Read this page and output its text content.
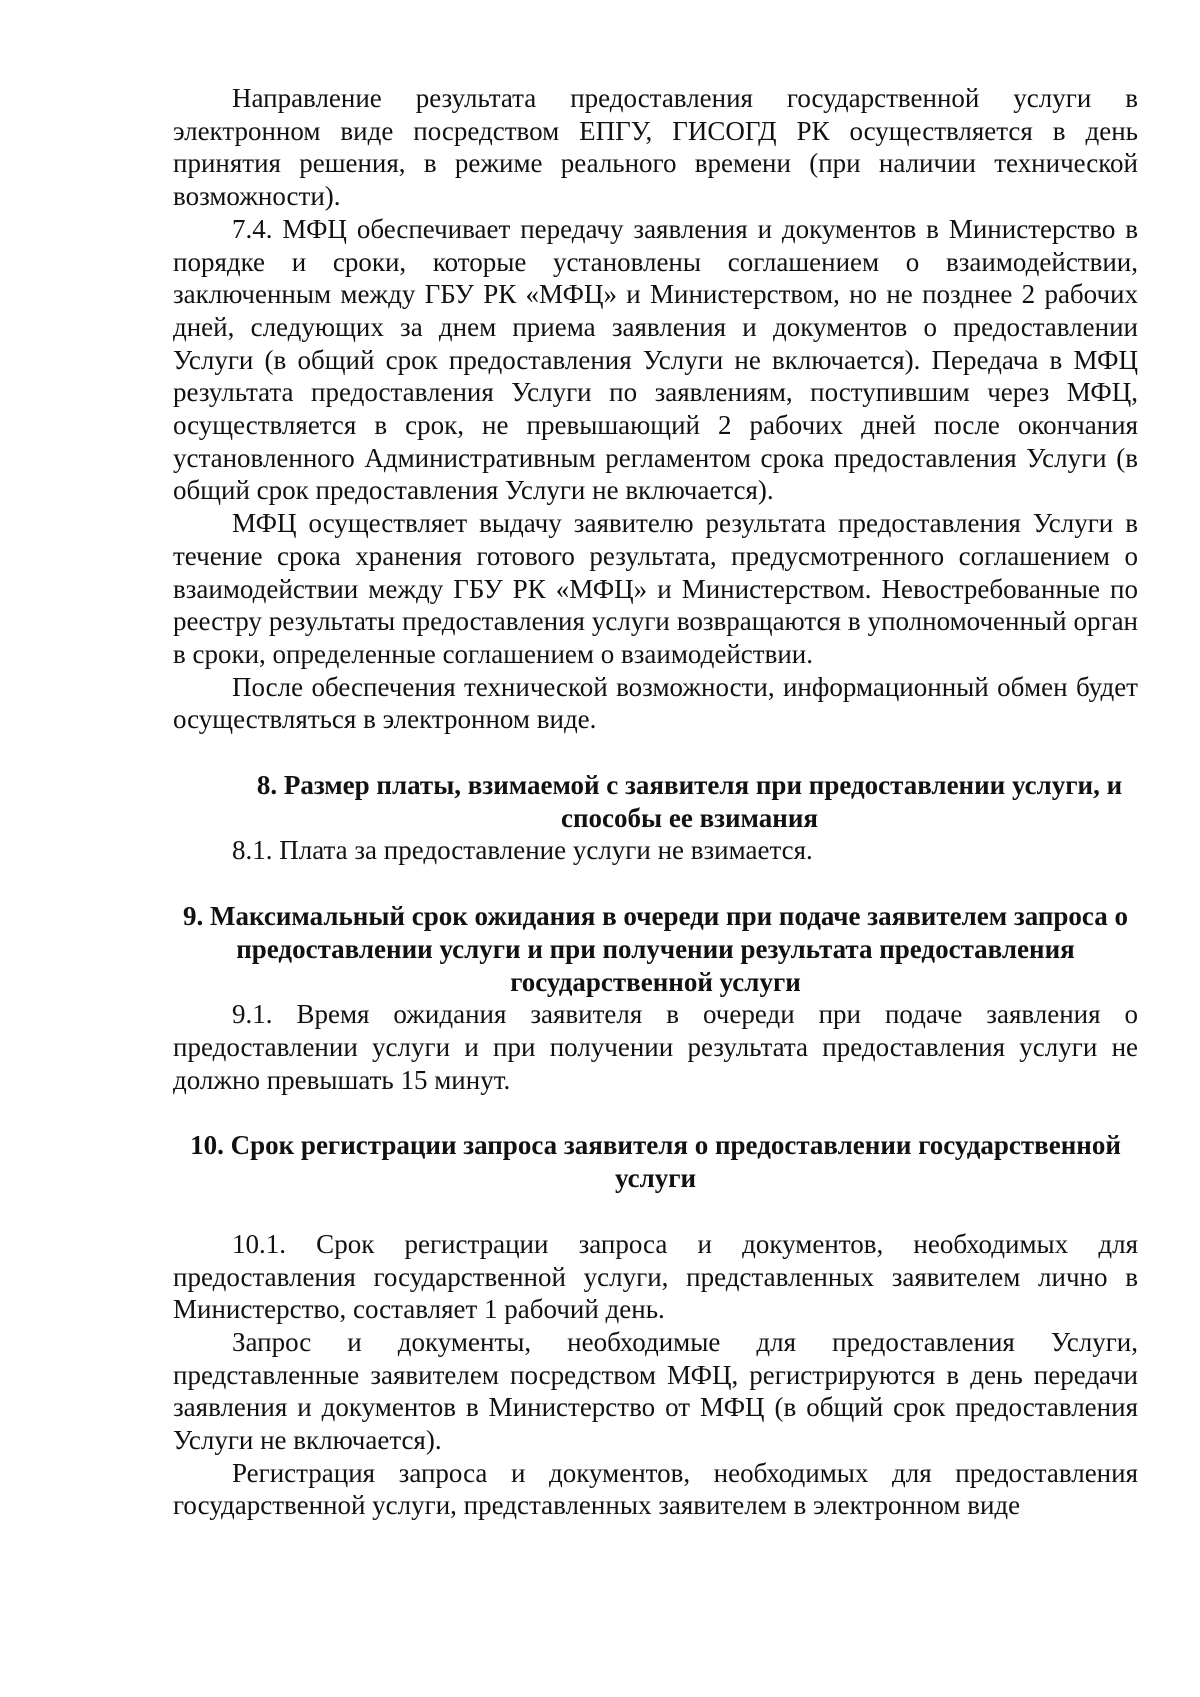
Направление результата предоставления государственной услуги в электронном виде посредством ЕПГУ, ГИСОГД РК осуществляется в день принятия решения, в режиме реального времени (при наличии технической возможности).

7.4. МФЦ обеспечивает передачу заявления и документов в Министерство в порядке и сроки, которые установлены соглашением о взаимодействии, заключенным между ГБУ РК «МФЦ» и Министерством, но не позднее 2 рабочих дней, следующих за днем приема заявления и документов о предоставлении Услуги (в общий срок предоставления Услуги не включается). Передача в МФЦ результата предоставления Услуги по заявлениям, поступившим через МФЦ, осуществляется в срок, не превышающий 2 рабочих дней после окончания установленного Административным регламентом срока предоставления Услуги (в общий срок предоставления Услуги не включается).

МФЦ осуществляет выдачу заявителю результата предоставления Услуги в течение срока хранения готового результата, предусмотренного соглашением о взаимодействии между ГБУ РК «МФЦ» и Министерством. Невостребованные по реестру результаты предоставления услуги возвращаются в уполномоченный орган в сроки, определенные соглашением о взаимодействии.

После обеспечения технической возможности, информационный обмен будет осуществляться в электронном виде.

8. Размер платы, взимаемой с заявителя при предоставлении услуги, и способы ее взимания

8.1. Плата за предоставление услуги не взимается.

9. Максимальный срок ожидания в очереди при подаче заявителем запроса о предоставлении услуги и при получении результата предоставления государственной услуги

9.1. Время ожидания заявителя в очереди при подаче заявления о предоставлении услуги и при получении результата предоставления услуги не должно превышать 15 минут.

10. Срок регистрации запроса заявителя о предоставлении государственной услуги

10.1. Срок регистрации запроса и документов, необходимых для предоставления государственной услуги, представленных заявителем лично в Министерство, составляет 1 рабочий день.

Запрос и документы, необходимые для предоставления Услуги, представленные заявителем посредством МФЦ, регистрируются в день передачи заявления и документов в Министерство от МФЦ (в общий срок предоставления Услуги не включается).

Регистрация запроса и документов, необходимых для предоставления государственной услуги, представленных заявителем в электронном виде
